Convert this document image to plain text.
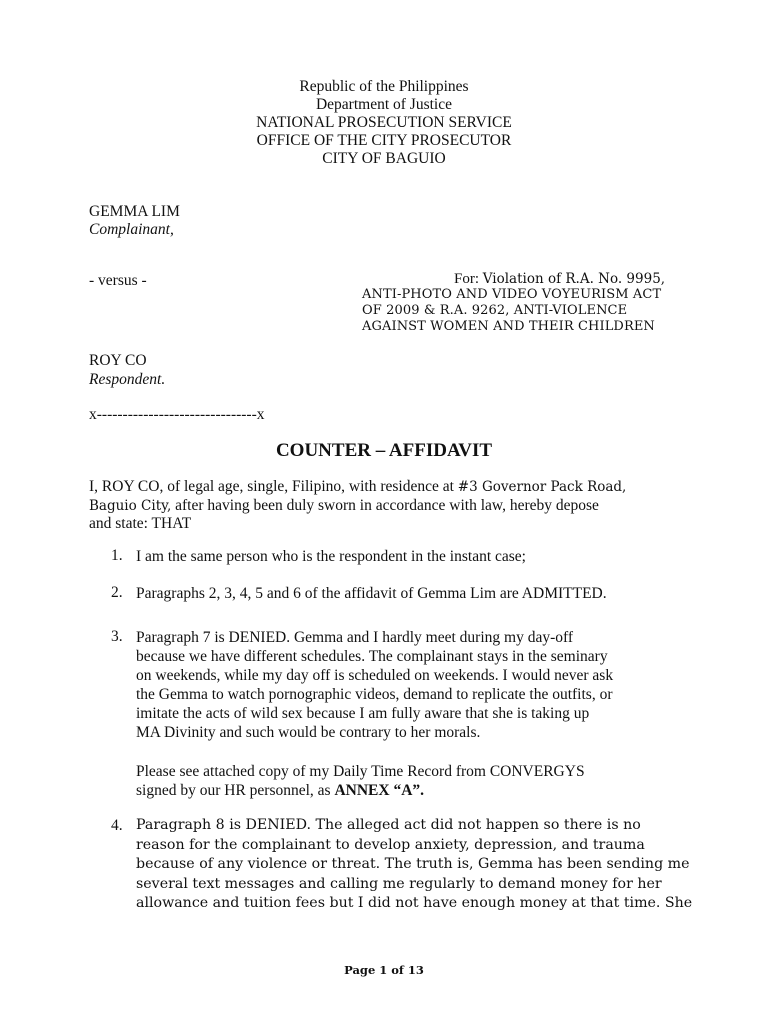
Republic of the Philippines
Department of Justice
NATIONAL PROSECUTION SERVICE
OFFICE OF THE CITY PROSECUTOR
CITY OF BAGUIO
GEMMA LIM
Complainant,
- versus -	For: Violation of R.A. No. 9995,
ANTI-PHOTO AND VIDEO VOYEURISM ACT
OF 2009 & R.A. 9262, ANTI-VIOLENCE
AGAINST WOMEN AND THEIR CHILDREN
ROY CO
Respondent.
x-------------------------------x
COUNTER – AFFIDAVIT
I, ROY CO, of legal age, single, Filipino, with residence at #3 Governor Pack Road,
Baguio City, after having been duly sworn in accordance with law, hereby depose
and state: THAT
1. I am the same person who is the respondent in the instant case;
2. Paragraphs 2, 3, 4, 5 and 6 of the affidavit of Gemma Lim are ADMITTED.
3. Paragraph 7 is DENIED. Gemma and I hardly meet during my day-off
because we have different schedules. The complainant stays in the seminary
on weekends, while my day off is scheduled on weekends. I would never ask
the Gemma to watch pornographic videos, demand to replicate the outfits, or
imitate the acts of wild sex because I am fully aware that she is taking up
MA Divinity and such would be contrary to her morals.
Please see attached copy of my Daily Time Record from CONVERGYS
signed by our HR personnel, as ANNEX “A”.
4. Paragraph 8 is DENIED. The alleged act did not happen so there is no
reason for the complainant to develop anxiety, depression, and trauma
because of any violence or threat. The truth is, Gemma has been sending me
several text messages and calling me regularly to demand money for her
allowance and tuition fees but I did not have enough money at that time. She
Page 1 of 13
